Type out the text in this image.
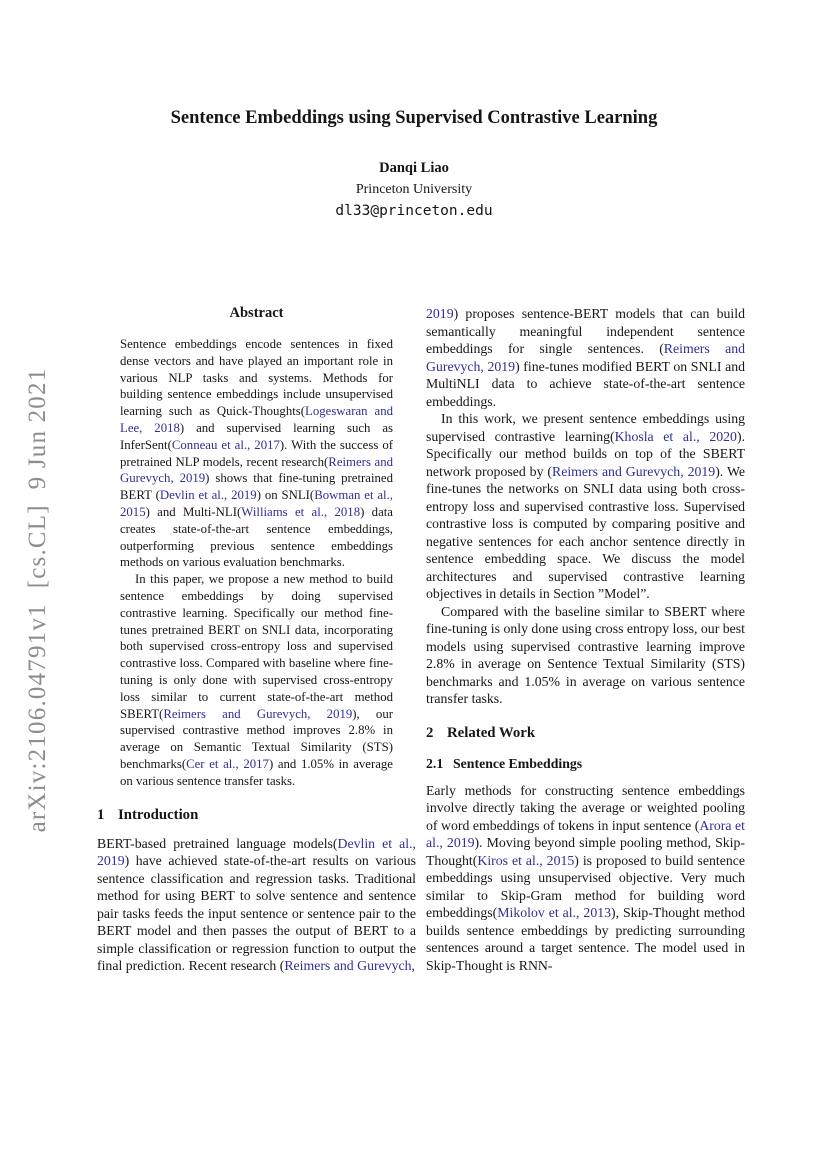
arXiv:2106.04791v1  [cs.CL]  9 Jun 2021
Sentence Embeddings using Supervised Contrastive Learning
Danqi Liao
Princeton University
dl33@princeton.edu
Abstract

Sentence embeddings encode sentences in fixed dense vectors and have played an important role in various NLP tasks and systems. Methods for building sentence embeddings include unsupervised learning such as Quick-Thoughts(Logeswaran and Lee, 2018) and supervised learning such as InferSent(Conneau et al., 2017). With the success of pretrained NLP models, recent research(Reimers and Gurevych, 2019) shows that fine-tuning pretrained BERT (Devlin et al., 2019) on SNLI(Bowman et al., 2015) and Multi-NLI(Williams et al., 2018) data creates state-of-the-art sentence embeddings, outperforming previous sentence embeddings methods on various evaluation benchmarks.

In this paper, we propose a new method to build sentence embeddings by doing supervised contrastive learning. Specifically our method fine-tunes pretrained BERT on SNLI data, incorporating both supervised cross-entropy loss and supervised contrastive loss. Compared with baseline where fine-tuning is only done with supervised cross-entropy loss similar to current state-of-the-art method SBERT(Reimers and Gurevych, 2019), our supervised contrastive method improves 2.8% in average on Semantic Textual Similarity (STS) benchmarks(Cer et al., 2017) and 1.05% in average on various sentence transfer tasks.

1 Introduction

BERT-based pretrained language models(Devlin et al., 2019) have achieved state-of-the-art results on various sentence classification and regression tasks. Traditional method for using BERT to solve sentence and sentence pair tasks feeds the input sentence or sentence pair to the BERT model and then passes the output of BERT to a simple classification or regression function to output the final prediction. Recent research (Reimers and Gurevych,

2019) proposes sentence-BERT models that can build semantically meaningful independent sentence embeddings for single sentences. (Reimers and Gurevych, 2019) fine-tunes modified BERT on SNLI and MultiNLI data to achieve state-of-the-art sentence embeddings.

In this work, we present sentence embeddings using supervised contrastive learning(Khosla et al., 2020). Specifically our method builds on top of the SBERT network proposed by (Reimers and Gurevych, 2019). We fine-tunes the networks on SNLI data using both cross-entropy loss and supervised contrastive loss. Supervised contrastive loss is computed by comparing positive and negative sentences for each anchor sentence directly in sentence embedding space. We discuss the model architectures and supervised contrastive learning objectives in details in Section ”Model”.

Compared with the baseline similar to SBERT where fine-tuning is only done using cross entropy loss, our best models using supervised contrastive learning improve 2.8% in average on Sentence Textual Similarity (STS) benchmarks and 1.05% in average on various sentence transfer tasks.

2 Related Work
2.1 Sentence Embeddings

Early methods for constructing sentence embeddings involve directly taking the average or weighted pooling of word embeddings of tokens in input sentence (Arora et al., 2019). Moving beyond simple pooling method, Skip-Thought(Kiros et al., 2015) is proposed to build sentence embeddings using unsupervised objective. Very much similar to Skip-Gram method for building word embeddings(Mikolov et al., 2013), Skip-Thought method builds sentence embeddings by predicting surrounding sentences around a target sentence. The model used in Skip-Thought is RNN-
